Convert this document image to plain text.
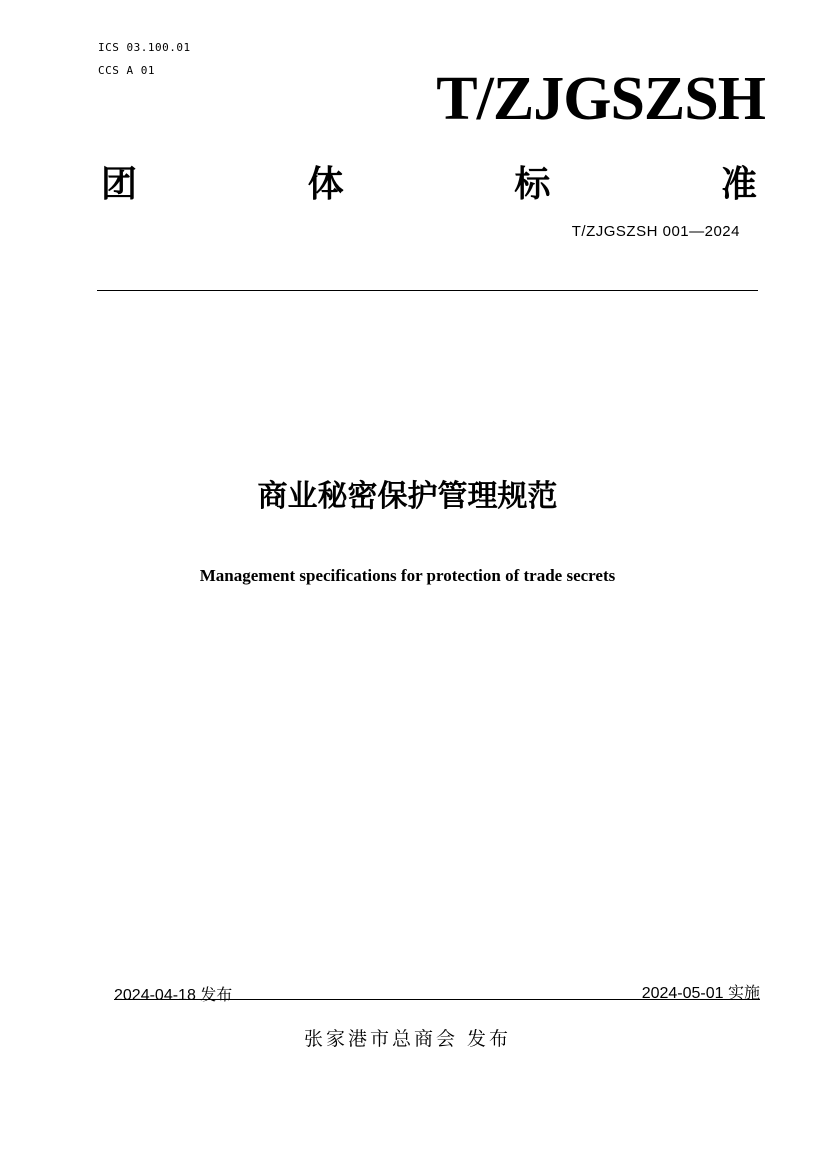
ICS 03.100.01

CCS A 01	T/ZJGSZSH
团	体	标	准
T/ZJGSZSH 001—2024
商业秘密保护管理规范
Management specifications for protection of trade secrets
2024-04-18 发布	2024-05-01 实施
张家港市总商会 发布
